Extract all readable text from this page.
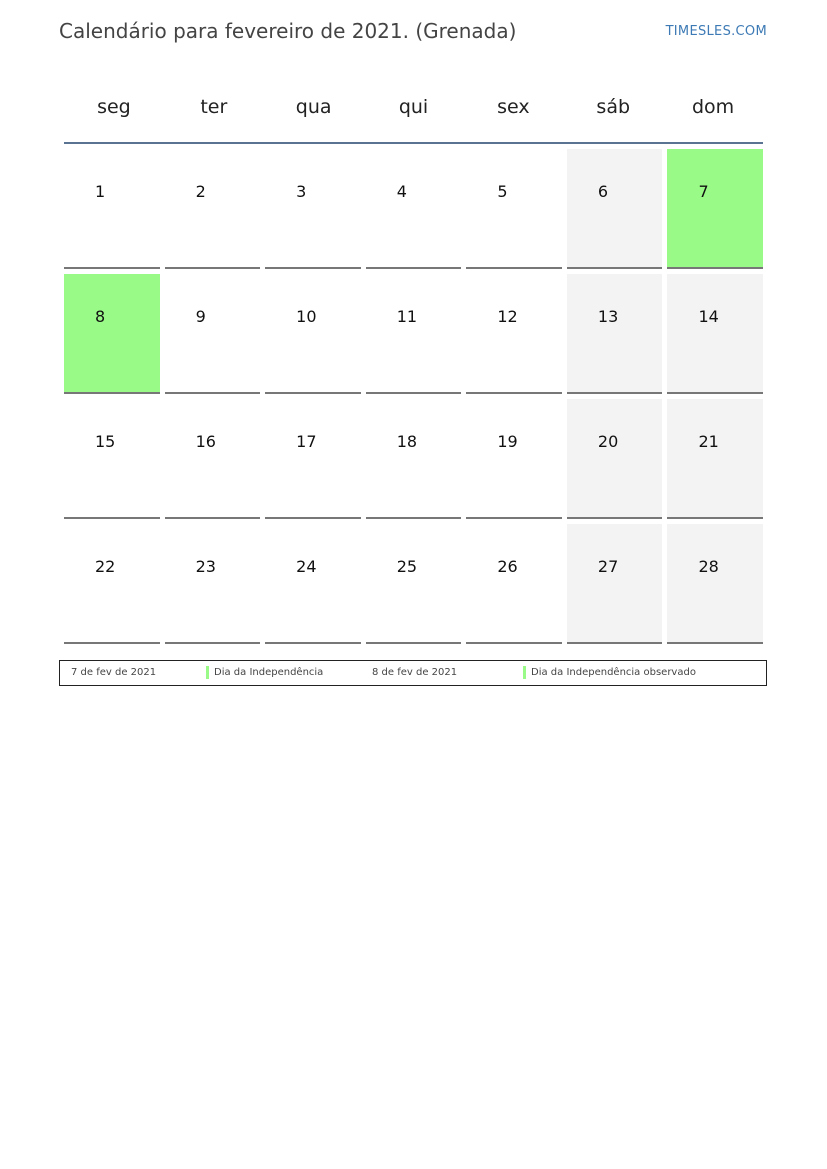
Calendário para fevereiro de 2021. (Grenada)	TIMESLES.COM
seg	ter	qua	qui	sex	sáb	dom
1	2	3	4	5	6	7
8	9	10	11	12	13	14
15	16	17	18	19	20	21
22	23	24	25	26	27	28
7 de fev de 2021	Dia da Independência	8 de fev de 2021	Dia da Independência observado
